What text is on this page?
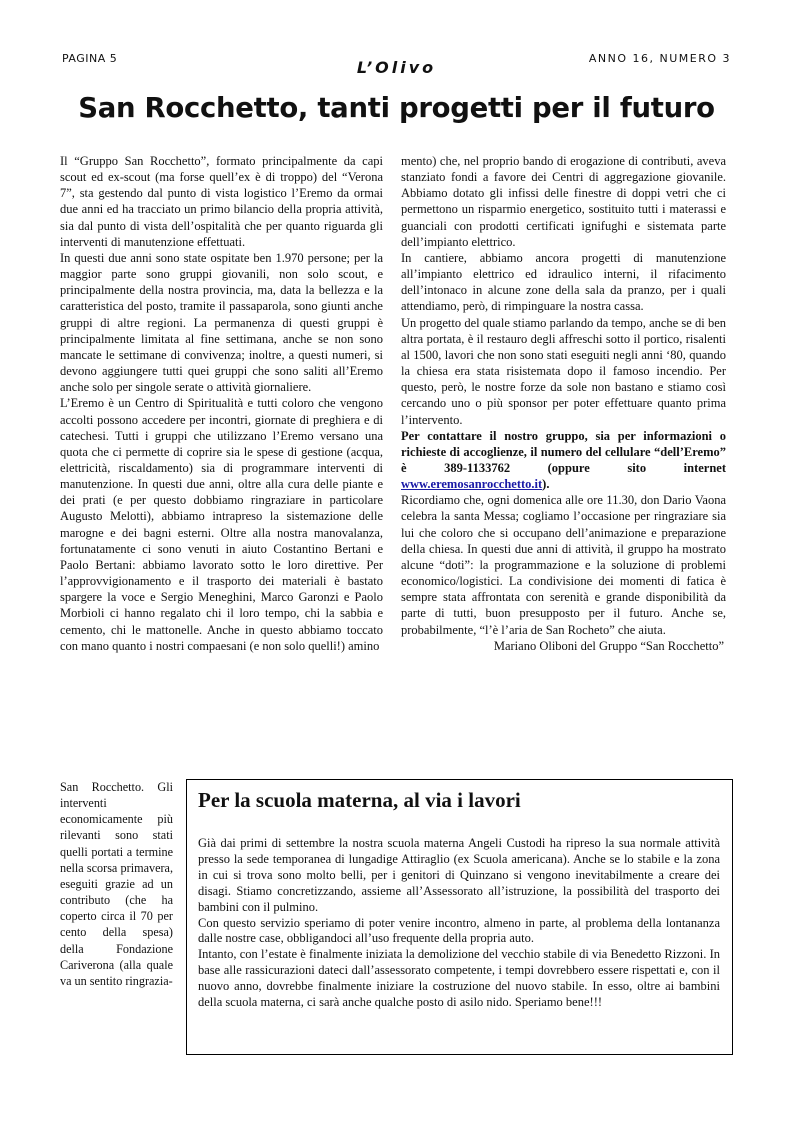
PAGINA 5	L’Olivo	ANNO 16, NUMERO 3
San Rocchetto, tanti progetti per il futuro

Il “Gruppo San Rocchetto”, formato principalmente da capi scout ed ex-scout (ma forse quell’ex è di troppo) del “Verona 7”, sta gestendo dal punto di vista logistico l’Eremo da ormai due anni ed ha tracciato un primo bilancio della propria attività, sia dal punto di vista dell’ospitalità che per quanto riguarda gli interventi di manutenzione effettuati.

In questi due anni sono state ospitate ben 1.970 persone; per la maggior parte sono gruppi giovanili, non solo scout, e principalmente della nostra provincia, ma, data la bellezza e la caratteristica del posto, tramite il passaparola, sono giunti anche gruppi di altre regioni. La permanenza di questi gruppi è principalmente limitata al fine settimana, anche se non sono mancate le settimane di convivenza; inoltre, a questi numeri, si devono aggiungere tutti quei gruppi che sono saliti all’Eremo anche solo per singole serate o attività giornaliere.

L’Eremo è un Centro di Spiritualità e tutti coloro che vengono accolti possono accedere per incontri, giornate di preghiera e di catechesi. Tutti i gruppi che utilizzano l’Eremo versano una quota che ci permette di coprire sia le spese di gestione (acqua, elettricità, riscaldamento) sia di programmare interventi di manutenzione. In questi due anni, oltre alla cura delle piante e dei prati (e per questo dobbiamo ringraziare in particolare Augusto Melotti), abbiamo intrapreso la sistemazione delle marogne e dei bagni esterni. Oltre alla nostra manovalanza, fortunatamente ci sono venuti in aiuto Costantino Bertani e Paolo Bertani: abbiamo lavorato sotto le loro direttive. Per l’approvvigionamento e il trasporto dei materiali è bastato spargere la voce e Sergio Meneghini, Marco Garonzi e Paolo Morbioli ci hanno regalato chi il loro tempo, chi la sabbia e cemento, chi le mattonelle. Anche in questo abbiamo toccato con mano quanto i nostri compaesani (e non solo quelli!) amino

San Rocchetto. Gli interventi economicamente più rilevanti sono stati quelli portati a termine nella scorsa primavera, eseguiti grazie ad un contributo (che ha coperto circa il 70 per cento della spesa) della Fondazione Cariverona (alla quale va un sentito ringrazia-

mento) che, nel proprio bando di erogazione di contributi, aveva stanziato fondi a favore dei Centri di aggregazione giovanile. Abbiamo dotato gli infissi delle finestre di doppi vetri che ci permettono un risparmio energetico, sostituito tutti i materassi e guanciali con prodotti certificati ignifughi e sistemata parte dell’impianto elettrico.

In cantiere, abbiamo ancora progetti di manutenzione all’impianto elettrico ed idraulico interni, il rifacimento dell’intonaco in alcune zone della sala da pranzo, per i quali attendiamo, però, di rimpinguare la nostra cassa.

Un progetto del quale stiamo parlando da tempo, anche se di ben altra portata, è il restauro degli affreschi sotto il portico, risalenti al 1500, lavori che non sono stati eseguiti negli anni ‘80, quando la chiesa era stata risistemata dopo il famoso incendio. Per questo, però, le nostre forze da sole non bastano e stiamo così cercando uno o più sponsor per poter effettuare quanto prima l’intervento.

Per contattare il nostro gruppo, sia per informazioni o richieste di accoglienze, il numero del cellulare “dell’Eremo” è 389-1133762 (oppure sito internet www.eremosanrocchetto.it).

Ricordiamo che, ogni domenica alle ore 11.30, don Dario Vaona celebra la santa Messa; cogliamo l’occasione per ringraziare sia lui che coloro che si occupano dell’animazione e preparazione della chiesa. In questi due anni di attività, il gruppo ha mostrato alcune “doti”: la programmazione e la soluzione di problemi economico/logistici. La condivisione dei momenti di fatica è sempre stata affrontata con serenità e grande disponibilità da parte di tutti, buon presupposto per il futuro. Anche se, probabilmente, “l’è l’aria de San Rocheto” che aiuta.

Mariano Oliboni del Gruppo “San Rocchetto”

Per la scuola materna, al via i lavori

Già dai primi di settembre la nostra scuola materna Angeli Custodi ha ripreso la sua normale attività presso la sede temporanea di lungadige Attiraglio (ex Scuola americana). Anche se lo stabile e la zona in cui si trova sono molto belli, per i genitori di Quinzano si vengono inevitabilmente a creare dei disagi. Stiamo concretizzando, assieme all’Assessorato all’istruzione, la possibilità del trasporto dei bambini con il pulmino.

Con questo servizio speriamo di poter venire incontro, almeno in parte, al problema della lontananza dalle nostre case, obbligandoci all’uso frequente della propria auto.

Intanto, con l’estate è finalmente iniziata la demolizione del vecchio stabile di via Benedetto Rizzoni. In base alle rassicurazioni dateci dall’assessorato competente, i tempi dovrebbero essere rispettati e, con il nuovo anno, dovrebbe finalmente iniziare la costruzione del nuovo stabile. In esso, oltre ai bambini della scuola materna, ci sarà anche qualche posto di asilo nido. Speriamo bene!!!
